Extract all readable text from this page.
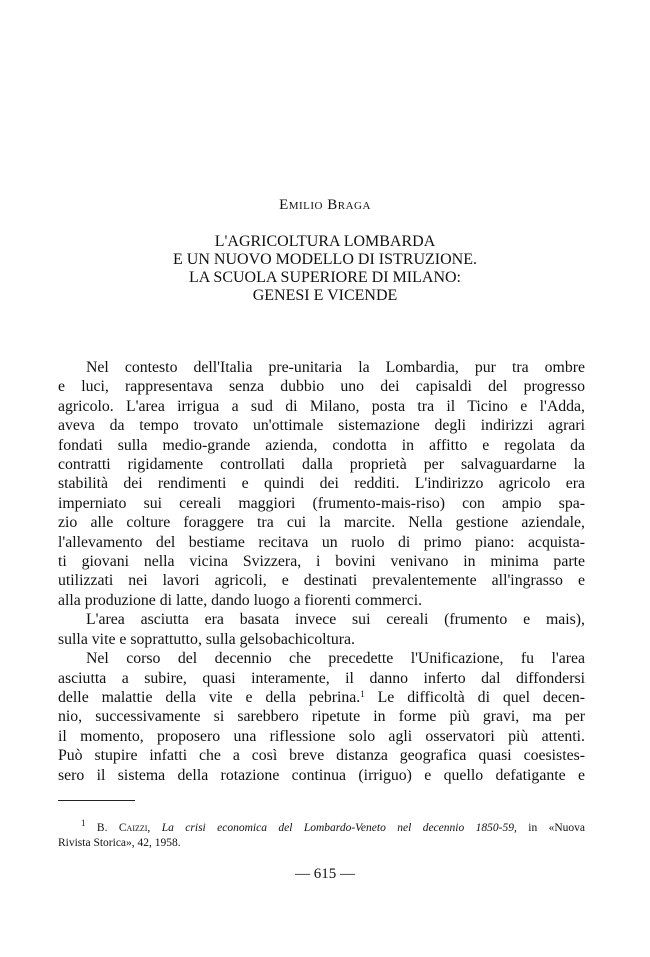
Emilio Braga
L'AGRICOLTURA LOMBARDA
E UN NUOVO MODELLO DI ISTRUZIONE.
LA SCUOLA SUPERIORE DI MILANO:
GENESI E VICENDE
Nel contesto dell'Italia pre-unitaria la Lombardia, pur tra ombre
e luci, rappresentava senza dubbio uno dei capisaldi del progresso
agricolo. L'area irrigua a sud di Milano, posta tra il Ticino e l'Adda,
aveva da tempo trovato un'ottimale sistemazione degli indirizzi agrari
fondati sulla medio-grande azienda, condotta in affitto e regolata da
contratti rigidamente controllati dalla proprietà per salvaguardarne la
stabilità dei rendimenti e quindi dei redditi. L'indirizzo agricolo era
imperniato sui cereali maggiori (frumento-mais-riso) con ampio spa-
zio alle colture foraggere tra cui la marcite. Nella gestione aziendale,
l'allevamento del bestiame recitava un ruolo di primo piano: acquista-
ti giovani nella vicina Svizzera, i bovini venivano in minima parte
utilizzati nei lavori agricoli, e destinati prevalentemente all'ingrasso e
alla produzione di latte, dando luogo a fiorenti commerci.
L'area asciutta era basata invece sui cereali (frumento e mais),
sulla vite e soprattutto, sulla gelsobachicoltura.
Nel corso del decennio che precedette l'Unificazione, fu l'area
asciutta a subire, quasi interamente, il danno inferto dal diffondersi
delle malattie della vite e della pebrina.$^1$ Le difficoltà di quel decen-
nio, successivamente si sarebbero ripetute in forme più gravi, ma per
il momento, proposero una riflessione solo agli osservatori più attenti.
Può stupire infatti che a così breve distanza geografica quasi coesistes-
sero il sistema della rotazione continua (irriguo) e quello defatigante e
$^1$ B. Caizzi, La crisi economica del Lombardo-Veneto nel decennio 1850-59, in «Nuova
Rivista Storica», 42, 1958.
— 615 —
